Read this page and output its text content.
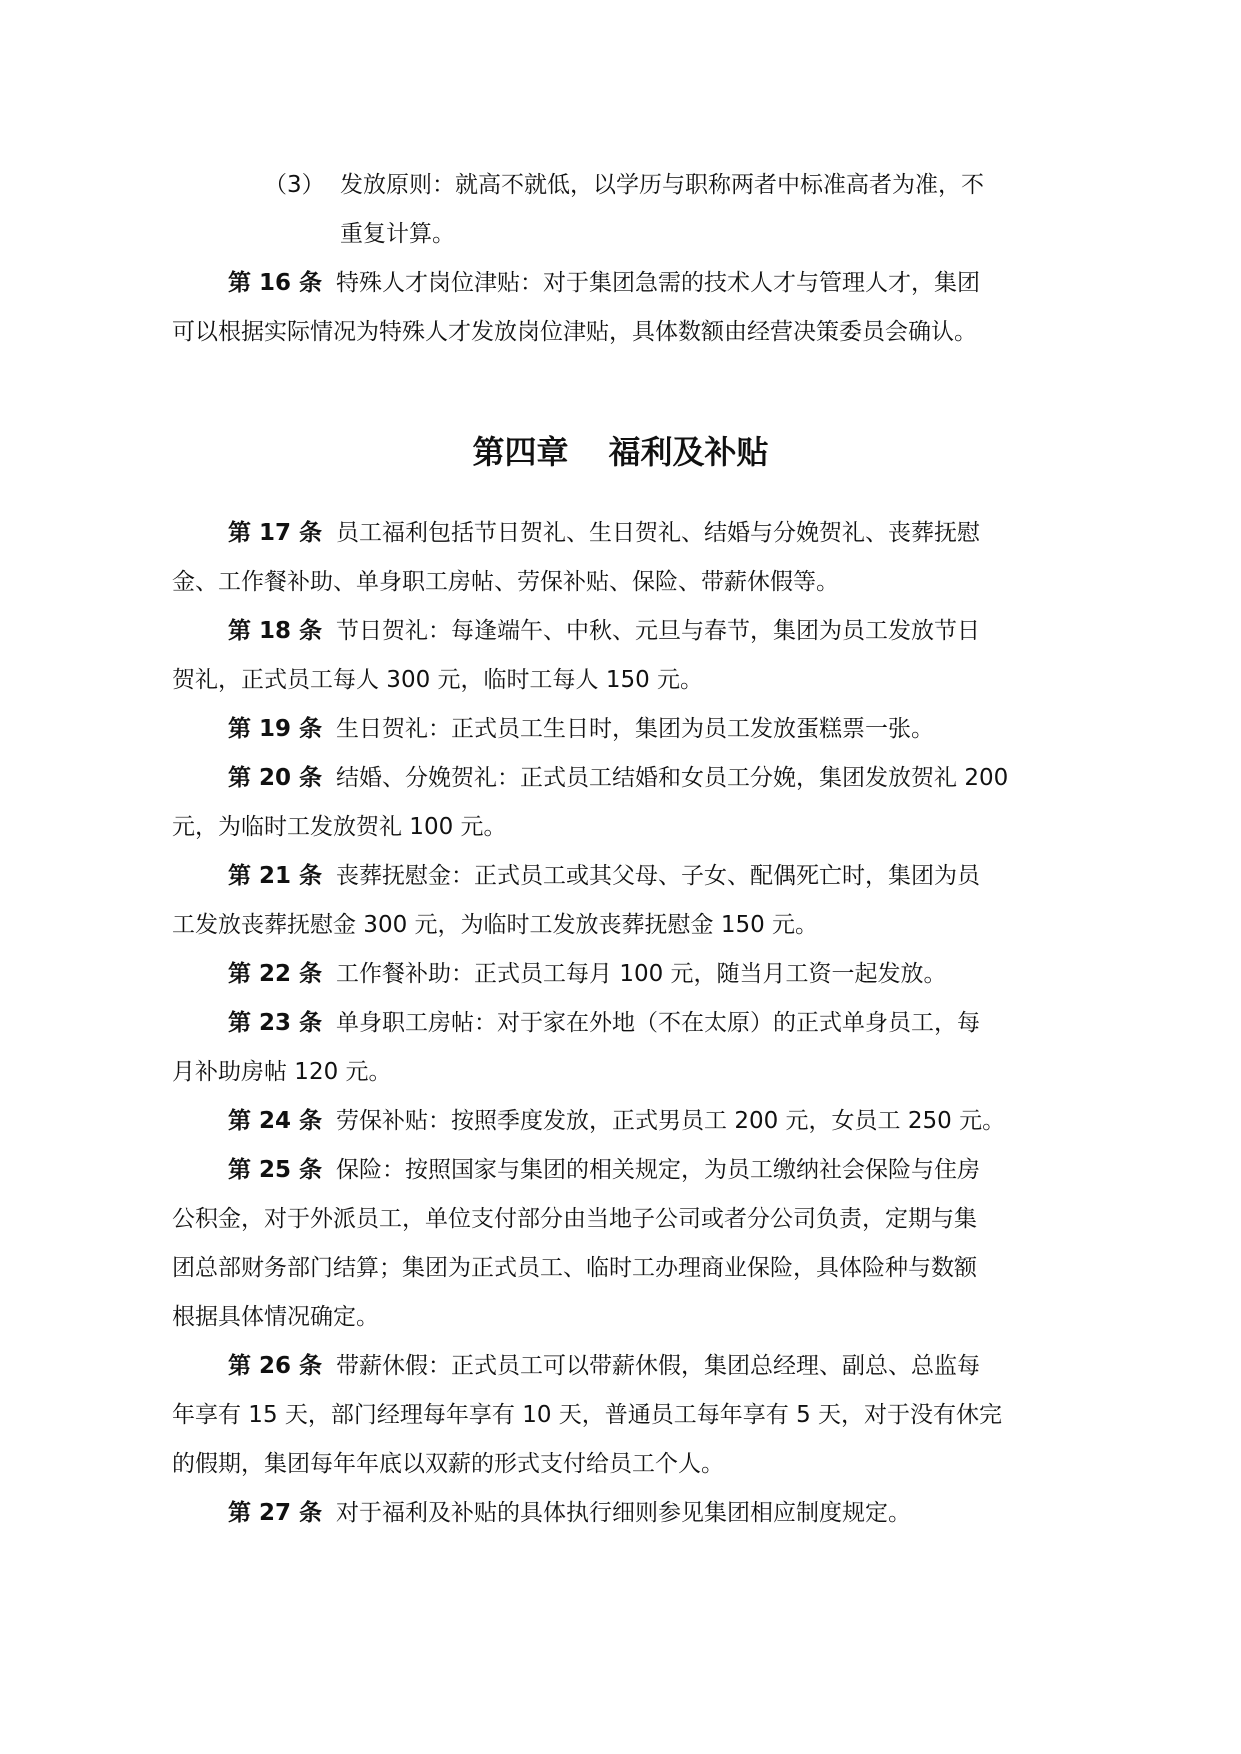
（3） 发放原则：就高不就低，以学历与职称两者中标准高者为准，不
重复计算。
第 16 条 特殊人才岗位津贴：对于集团急需的技术人才与管理人才，集团
可以根据实际情况为特殊人才发放岗位津贴，具体数额由经营决策委员会确认。
第四章 福利及补贴
第 17 条 员工福利包括节日贺礼、生日贺礼、结婚与分娩贺礼、丧葬抚慰
金、工作餐补助、单身职工房帖、劳保补贴、保险、带薪休假等。
第 18 条 节日贺礼：每逢端午、中秋、元旦与春节，集团为员工发放节日
贺礼，正式员工每人 300 元，临时工每人 150 元。
第 19 条 生日贺礼：正式员工生日时，集团为员工发放蛋糕票一张。
第 20 条 结婚、分娩贺礼：正式员工结婚和女员工分娩，集团发放贺礼 200
元，为临时工发放贺礼 100 元。
第 21 条 丧葬抚慰金：正式员工或其父母、子女、配偶死亡时，集团为员
工发放丧葬抚慰金 300 元，为临时工发放丧葬抚慰金 150 元。
第 22 条 工作餐补助：正式员工每月 100 元，随当月工资一起发放。
第 23 条 单身职工房帖：对于家在外地（不在太原）的正式单身员工，每
月补助房帖 120 元。
第 24 条 劳保补贴：按照季度发放，正式男员工 200 元，女员工 250 元。
第 25 条 保险：按照国家与集团的相关规定，为员工缴纳社会保险与住房
公积金，对于外派员工，单位支付部分由当地子公司或者分公司负责，定期与集
团总部财务部门结算；集团为正式员工、临时工办理商业保险，具体险种与数额
根据具体情况确定。
第 26 条 带薪休假：正式员工可以带薪休假，集团总经理、副总、总监每
年享有 15 天，部门经理每年享有 10 天，普通员工每年享有 5 天，对于没有休完
的假期，集团每年年底以双薪的形式支付给员工个人。
第 27 条 对于福利及补贴的具体执行细则参见集团相应制度规定。
